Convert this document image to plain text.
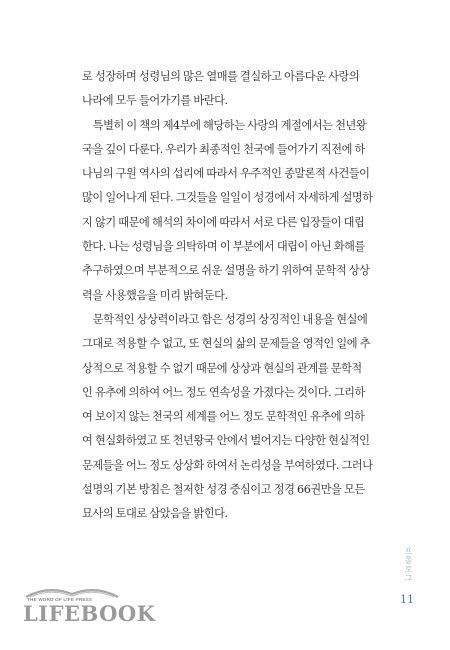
로 성장하며 성령님의 많은 열매를 결실하고 아름다운 사랑의
나라에 모두 들어가기를 바란다.
　특별히 이 책의 제4부에 해당하는 사랑의 계절에서는 천년왕
국을 깊이 다룬다. 우리가 최종적인 천국에 들어가기 직전에 하
나님의 구원 역사의 섭리에 따라서 우주적인 종말론적 사건들이
많이 일어나게 된다. 그것들을 일일이 성경에서 자세하게 설명하
지 않기 때문에 해석의 차이에 따라서 서로 다른 입장들이 대립
한다. 나는 성령님을 의탁하며 이 부분에서 대립이 아닌 화해를
추구하였으며 부분적으로 쉬운 설명을 하기 위하여 문학적 상상
력을 사용했음을 미리 밝혀둔다.
　문학적인 상상력이라고 함은 성경의 상징적인 내용을 현실에
그대로 적용할 수 없고, 또 현실의 삶의 문제들을 영적인 일에 추
상적으로 적용할 수 없기 때문에 상상과 현실의 관계를 문학적
인 유추에 의하여 어느 정도 연속성을 가졌다는 것이다. 그리하
여 보이지 않는 천국의 세계를 어느 정도 문학적인 유추에 의하
여 현실화하였고 또 천년왕국 안에서 벌어지는 다양한 현실적인
문제들을 어느 정도 상상화 하여서 논리성을 부여하였다. 그러나
설명의 기본 방침은 철저한 성경 중심이고 정경 66권만을 모든
묘사의 토대로 삼았음을 밝힌다.
프롤로그
11
THE WORD OF LIFE PRESS
LIFEBOOK
